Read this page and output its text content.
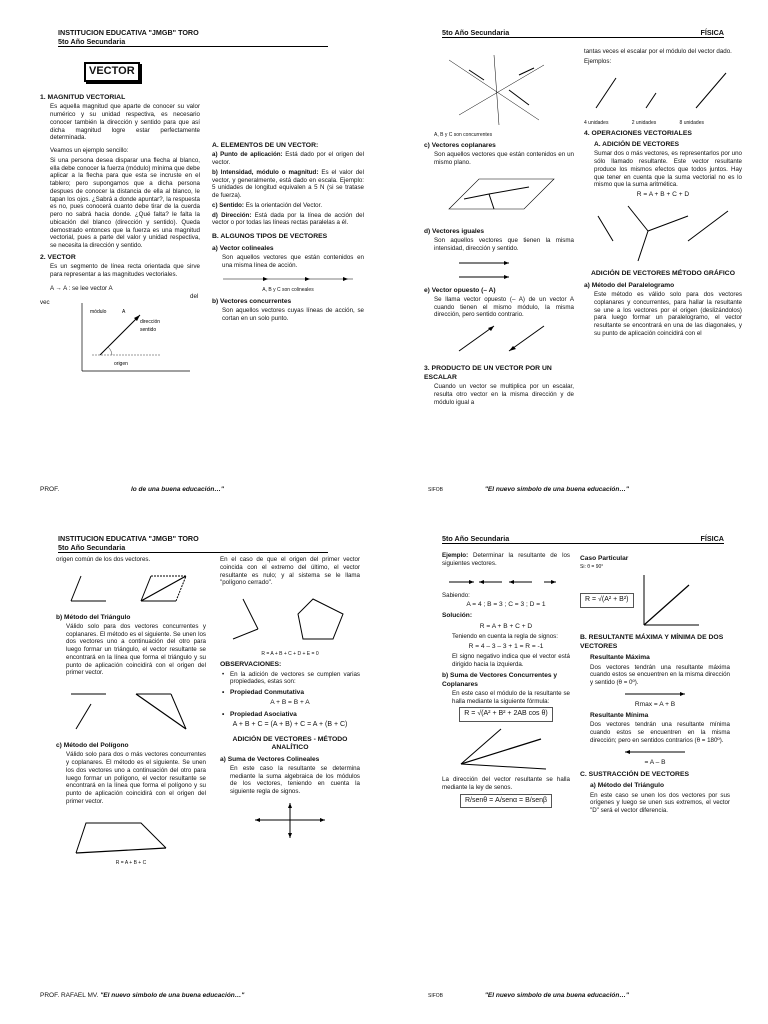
INSTITUCION EDUCATIVA "JMGB" TORO
5to Año Secundaria
VECTOR
1. MAGNITUD VECTORIAL
Es aquella magnitud que aparte de conocer su valor numérico y su unidad respectiva, es necesario conocer también la dirección y sentido para que así dicha magnitud logre estar perfectamente determinada.
Veamos un ejemplo sencillo:
Si una persona desea disparar una flecha al blanco, ella debe conocer la fuerza (módulo) mínima que debe aplicar a la flecha para que esta se incruste en el tablero; pero supongamos que a dicha persona despues de conocer la distancia de ella al blanco, le tapan los ojos. ¿Sabrá a donde apuntar?, la respuesta es no, pues conocerá cuanto debe tirar de la cuerda pero no sabrá hacia donde. ¿Qué falta? le falta la ubicación del blanco (dirección y sentido). Queda demostrado entonces que la fuerza es una magnitud vectorial, pues a parte del valor y unidad respectiva, se necesita la dirección y sentido.
2. VECTOR
Es un segmento de línea recta orientada que sirve para representar a las magnitudes vectoriales.
A → A : se lee vector A
vec
del
A
módulo
dirección
sentido
origen
A. ELEMENTOS DE UN VECTOR:
a) Punto de aplicación: Está dado por el origen del vector.
b) Intensidad, módulo o magnitud: Es el valor del vector, y generalmente, está dado en escala. Ejemplo: 5 unidades de longitud equivalen a 5 N (si se tratase de fuerza).
c) Sentido: Es la orientación del Vector.
d) Dirección: Está dada por la línea de acción del vector o por todas las líneas rectas paralelas a él.
B. ALGUNOS TIPOS DE VECTORES
a) Vector colineales
Son aquellos vectores que están contenidos en una misma línea de acción.
A, B y C son colineales
b) Vectores concurrentes
Son aquellos vectores cuyas líneas de acción, se cortan en un solo punto.
PROF.	lo de una buena educación…"
5to Año Secundaria	FÍSICA
A, B y C son concurrentes
c) Vectores coplanares
Son aquellos vectores que están contenidos en un mismo plano.
d) Vectores iguales
Son aquellos vectores que tienen la misma intensidad, dirección y sentido.
e) Vector opuesto (– A)
Se llama vector opuesto (– A) de un vector A cuando tienen el mismo módulo, la misma dirección, pero sentido contrario.
3. PRODUCTO DE UN VECTOR POR UN ESCALAR
Cuando un vector se multiplica por un escalar, resulta otro vector en la misma dirección y de módulo igual a
tantas veces el escalar por el módulo del vector dado.
Ejemplos:
4 unidades	2 unidades	8 unidades
4. OPERACIONES VECTORIALES
A. ADICIÓN DE VECTORES
Sumar dos o más vectores, es representarlos por uno sólo llamado resultante. Este vector resultante produce los mismos efectos que todos juntos. Hay que tener en cuenta que la suma vectorial no es lo mismo que la suma aritmética.
R = A + B + C + D
ADICIÓN DE VECTORES MÉTODO GRÁFICO
a) Método del Paralelogramo
Este método es válido solo para dos vectores coplanares y concurrentes, para hallar la resultante se une a los vectores por el origen (deslizándolos) para luego formar un paralelogramo, el vector resultante se encontrará en una de las diagonales, y su punto de aplicación coincidirá con el
SIFOB	"El nuevo simbolo de una buena educación…"
INSTITUCION EDUCATIVA "JMGB" TORO
5to Año Secundaria
origen común de los dos vectores.
b) Método del Triángulo
Válido solo para dos vectores concurrentes y coplanares. El método es el siguiente. Se unen los dos vectores uno a continuación del otro para luego formar un triángulo, el vector resultante se encontrará en la línea que forma el triángulo y su punto de aplicación coincidirá con el origen del primer vector.
c) Método del Polígono
Válido solo para dos o más vectores concurrentes y coplanares. El método es el siguiente. Se unen los dos vectores uno a continuación del otro para luego formar un polígono, el vector resultante se encontrará en la línea que forma el polígono y su punto de aplicación coincidirá con el origen del primer vector.
R = A + B + C
En el caso de que el origen del primer vector coincida con el extremo del último, el vector resultante es nulo; y al sistema se le llama "polígono cerrado".
R = A + B + C + D + E = 0
OBSERVACIONES:
• En la adición de vectores se cumplen varias propiedades, estas son:
• Propiedad Conmutativa
A + B = B + A
• Propiedad Asociativa
A + B + C = (A + B) + C = A + (B + C)
ADICIÓN DE VECTORES - MÉTODO ANALÍTICO
a) Suma de Vectores Colineales
En este caso la resultante se determina mediante la suma algebraica de los módulos de los vectores, teniendo en cuenta la siguiente regla de signos.
PROF. RAFAEL MV. "El nuevo simbolo de una buena educación…"
5to Año Secundaria	FÍSICA
Ejemplo: Determinar la resultante de los siguientes vectores.
Sabiendo:
A = 4 ; B = 3 ; C = 3 ; D = 1
Solución:
R = A + B + C + D
Teniendo en cuenta la regla de signos:
R = 4 – 3 – 3 + 1 = R = -1
El signo negativo indica que el vector está dirigido hacia la izquierda.
b) Suma de Vectores Concurrentes y Coplanares
En este caso el módulo de la resultante se halla mediante la siguiente fórmula:
R = √(A² + B² + 2AB cos θ)
La dirección del vector resultante se halla mediante la ley de senos.
R/senθ = A/senα = B/senβ
Caso Particular
Si: θ = 90°
R = √(A² + B²)
B. RESULTANTE MÁXIMA Y MÍNIMA DE DOS VECTORES
Resultante Máxima
Dos vectores tendrán una resultante máxima cuando estos se encuentren en la misma dirección y sentido (θ = 0º).
Rmax = A + B
Resultante Mínima
Dos vectores tendrán una resultante mínima cuando estos se encuentren en la misma dirección; pero en sentidos contrarios (θ = 180º).
= A – B
C. SUSTRACCIÓN DE VECTORES
a) Método del Triángulo
En este caso se unen los dos vectores por sus orígenes y luego se unen sus extremos, el vector "D" será el vector diferencia.
SIFOB	"El nuevo simbolo de una buena educación…"
